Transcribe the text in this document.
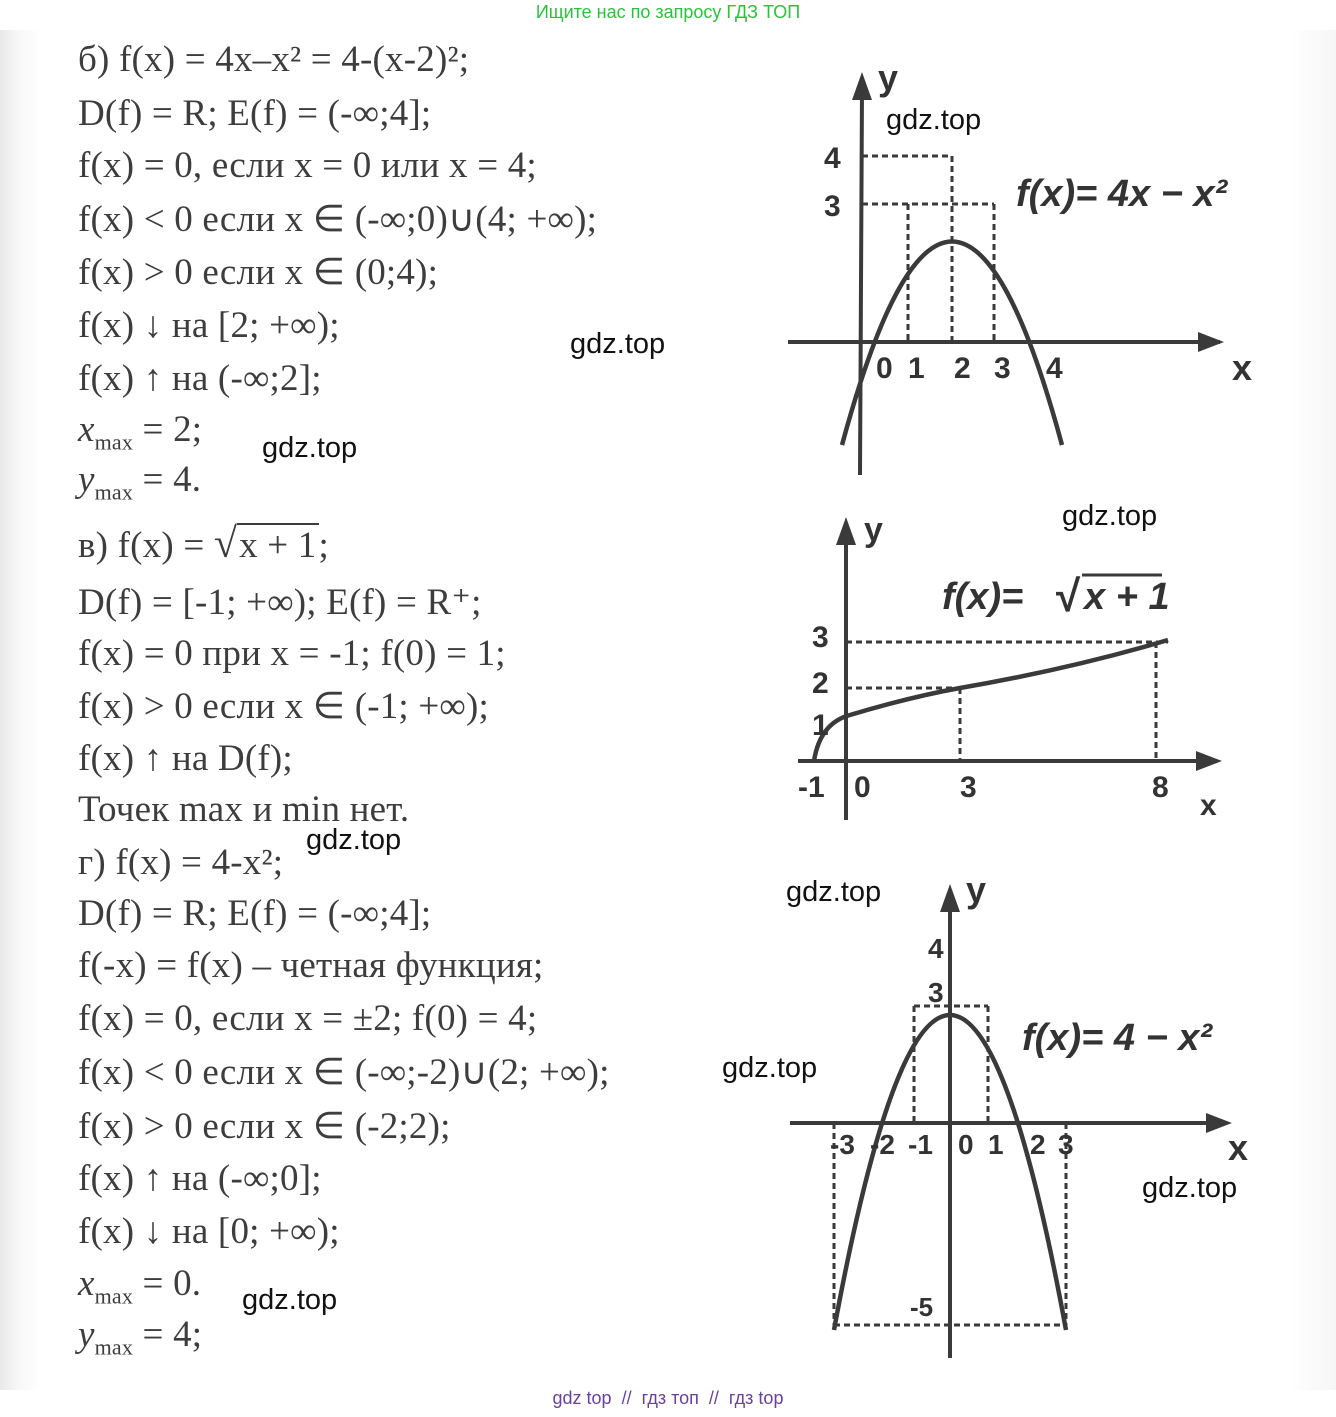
Ищите нас по запросу ГДЗ ТОП
б) f(x) = 4x–x² = 4-(x-2)²;
D(f) = R; E(f) = (-∞;4];
f(x) = 0, если x = 0 или x = 4;
f(x) < 0 если x ∈ (-∞;0)∪(4; +∞);
f(x) > 0 если x ∈ (0;4);
f(x) ↓ на [2; +∞);
f(x) ↑ на (-∞;2];
$x_{max} = 2$;
$y_{max} = 4$.
в) f(x) = √x + 1;
D(f) = [-1; +∞); E(f) = R⁺;
f(x) = 0 при x = -1; f(0) = 1;
f(x) > 0 если x ∈ (-1; +∞);
f(x) ↑ на D(f);
Точек max и min нет.
г) f(x) = 4-x²;
D(f) = R; E(f) = (-∞;4];
f(-x) = f(x) – четная функция;
f(x) = 0, если x = ±2; f(0) = 4;
f(x) < 0 если x ∈ (-∞;-2)∪(2; +∞);
f(x) > 0 если x ∈ (-2;2);
f(x) ↑ на (-∞;0];
f(x) ↓ на [0; +∞);
$x_{max} = 0$.
$y_{max} = 4$;
y
x
4
3
0 1 2 3 4
f(x)= 4x − x²
y
x
3
2
1
-1 0	3	8
f(x)= √ x + 1
y
x
4
3
-5
-3 -2 -1 0 1 2 3
f(x)= 4 − x²
gdz.top
gdz.top
gdz.top
gdz.top
gdz.top
gdz.top
gdz.top
gdz.top
gdz.top
gdz top // гдз топ // гдз top
